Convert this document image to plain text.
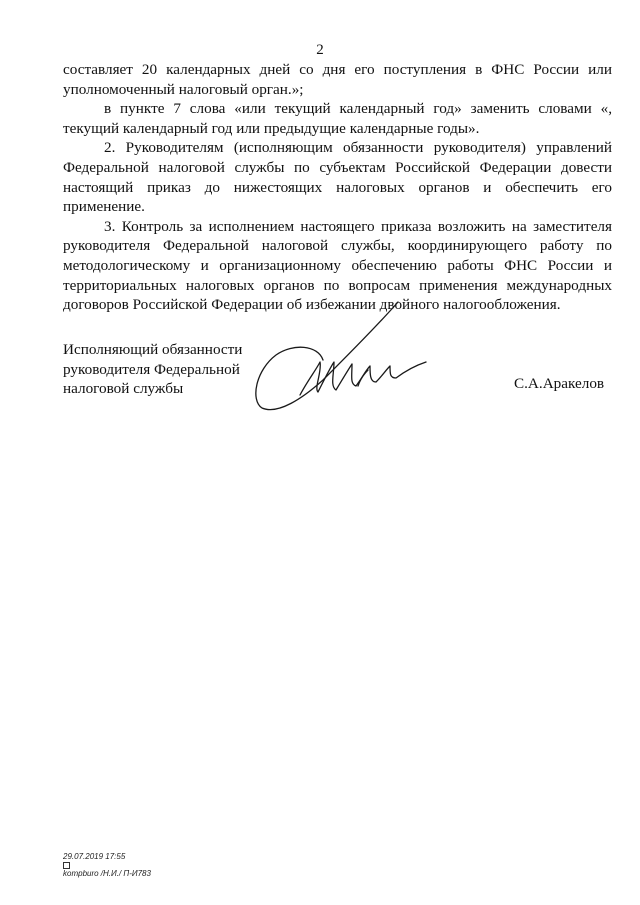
2

составляет 20 календарных дней со дня его поступления в ФНС России или уполномоченный налоговый орган.»;

в пункте 7 слова «или текущий календарный год» заменить словами «, текущий календарный год или предыдущие календарные годы».

2. Руководителям (исполняющим обязанности руководителя) управлений Федеральной налоговой службы по субъектам Российской Федерации довести настоящий приказ до нижестоящих налоговых органов и обеспечить его применение.

3. Контроль за исполнением настоящего приказа возложить на заместителя руководителя Федеральной налоговой службы, координирующего работу по методологическому и организационному обеспечению работы ФНС России и территориальных налоговых органов по вопросам применения международных договоров Российской Федерации об избежании двойного налогообложения.

Исполняющий обязанности
руководителя Федеральной
налоговой службы	С.А.Аракелов
29.07.2019 17:55
kompburo /Н.И./ П-И783
